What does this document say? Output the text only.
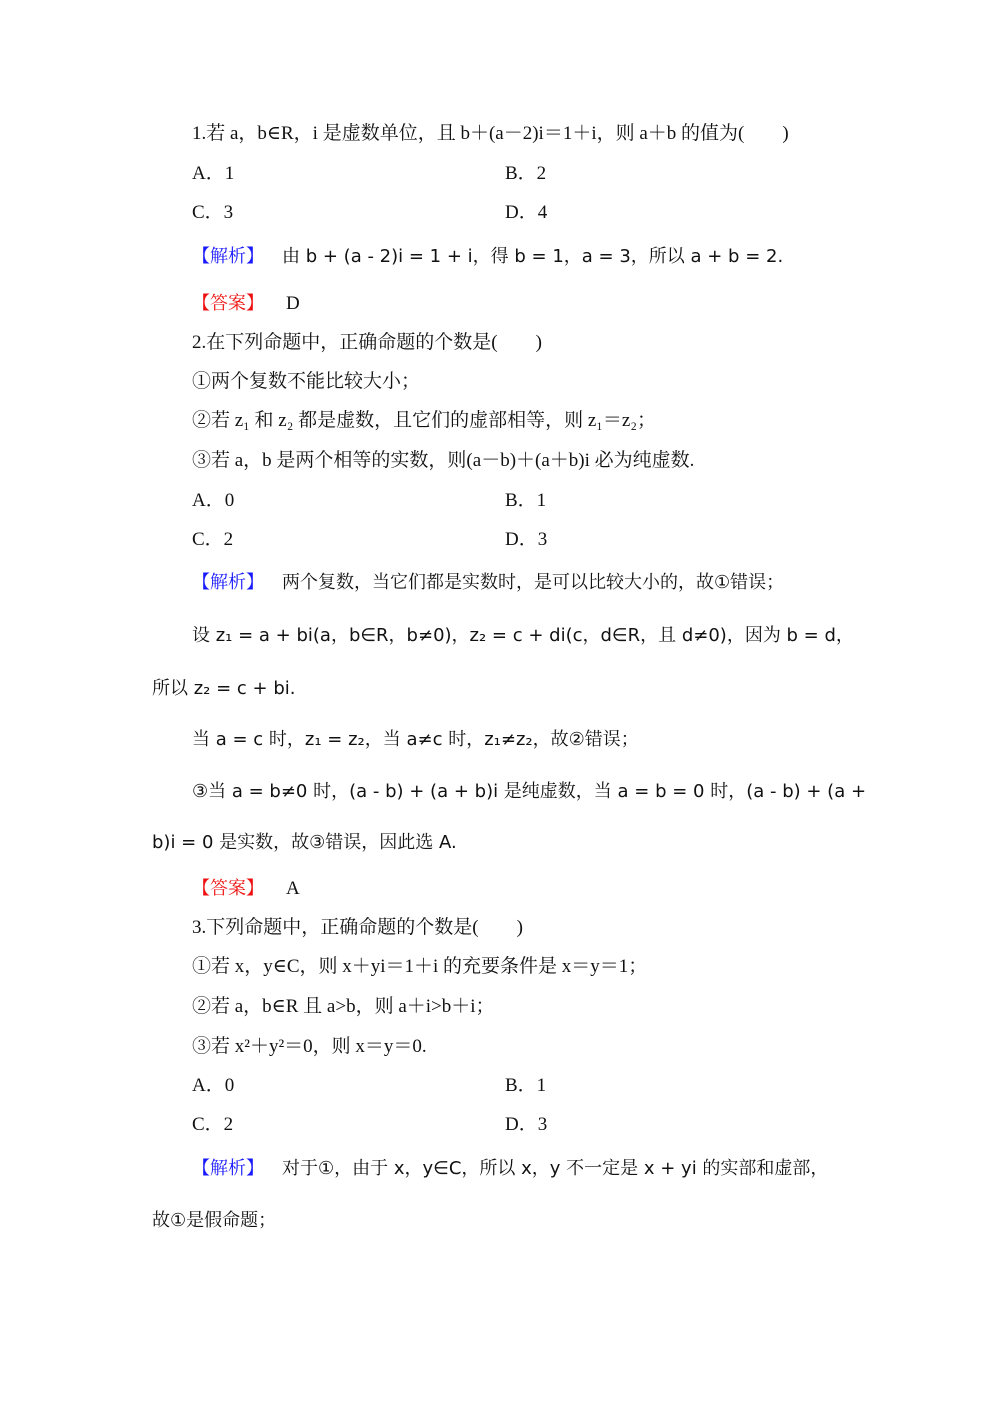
1.若 a，b∈R，i 是虚数单位，且 b＋(a－2)i＝1＋i，则 a＋b 的值为(　　)
A．1	B．2
C．3	D．4
【解析】 由 b + (a - 2)i = 1 + i，得 b = 1，a = 3，所以 a + b = 2.
【答案】 D
2.在下列命题中，正确命题的个数是(　　)
①两个复数不能比较大小；
②若 z₁ 和 z₂ 都是虚数，且它们的虚部相等，则 z₁＝z₂；
③若 a，b 是两个相等的实数，则(a－b)＋(a＋b)i 必为纯虚数.
A．0	B．1
C．2	D．3
【解析】 两个复数，当它们都是实数时，是可以比较大小的，故①错误；
设 z₁ = a + bi(a，b∈R，b≠0)，z₂ = c + di(c，d∈R，且 d≠0)，因为 b = d，
所以 z₂ = c + bi.
当 a = c 时，z₁ = z₂，当 a≠c 时，z₁≠z₂，故②错误；
③当 a = b≠0 时，(a - b) + (a + b)i 是纯虚数，当 a = b = 0 时，(a - b) + (a +
b)i = 0 是实数，故③错误，因此选 A.
【答案】 A
3.下列命题中，正确命题的个数是(　　)
①若 x，y∈C，则 x＋yi＝1＋i 的充要条件是 x＝y＝1；
②若 a，b∈R 且 a>b，则 a＋i>b＋i；
③若 x²＋y²＝0，则 x＝y＝0.
A．0	B．1
C．2	D．3
【解析】 对于①，由于 x，y∈C，所以 x，y 不一定是 x + yi 的实部和虚部，
故①是假命题；
